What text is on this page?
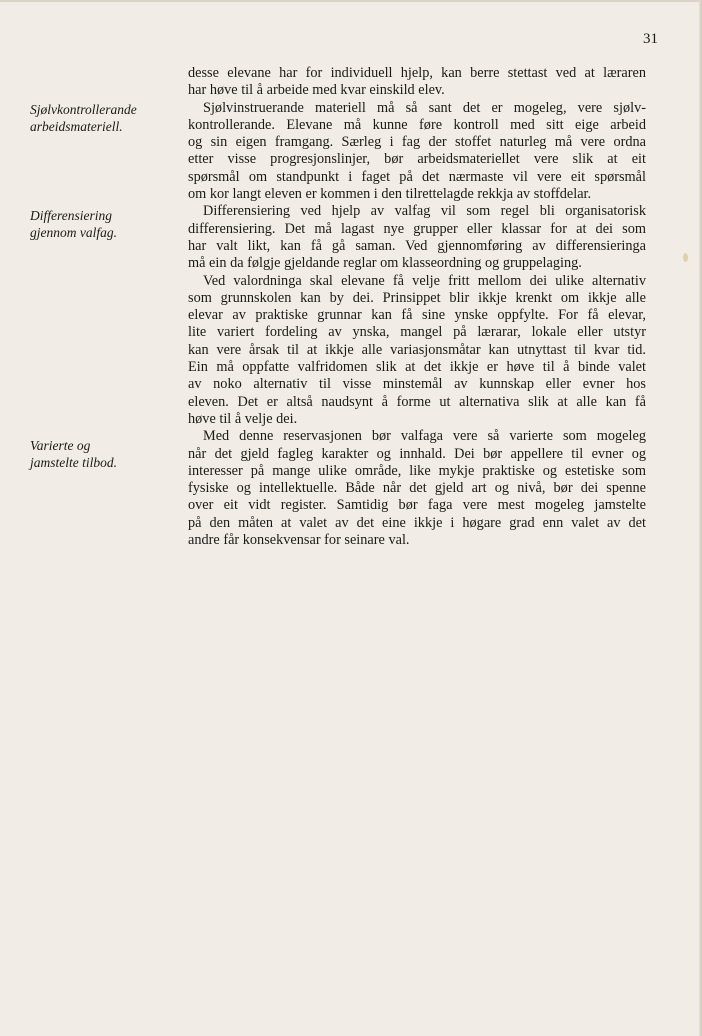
31
Sjølvkontrollerande
arbeidsmateriell.
Differensiering
gjennom valfag.
Varierte og
jamstelte tilbod.
desse elevane har for individuell hjelp, kan berre stettast ved at læraren
har høve til å arbeide med kvar einskild elev.
Sjølvinstruerande materiell må så sant det er mogeleg, vere sjølv-
kontrollerande. Elevane må kunne føre kontroll med sitt eige arbeid
og sin eigen framgang. Særleg i fag der stoffet naturleg må vere ordna
etter visse progresjonslinjer, bør arbeidsmateriellet vere slik at eit
spørsmål om standpunkt i faget på det nærmaste vil vere eit spørsmål
om kor langt eleven er kommen i den tilrettelagde rekkja av stoffdelar.
Differensiering ved hjelp av valfag vil som regel bli organisatorisk
differensiering. Det må lagast nye grupper eller klassar for at dei som
har valt likt, kan få gå saman. Ved gjennomføring av differensieringa
må ein da følgje gjeldande reglar om klasseordning og gruppelaging.
Ved valordninga skal elevane få velje fritt mellom dei ulike alternativ
som grunnskolen kan by dei. Prinsippet blir ikkje krenkt om ikkje alle
elevar av praktiske grunnar kan få sine ynske oppfylte. For få elevar,
lite variert fordeling av ynska, mangel på lærarar, lokale eller utstyr
kan vere årsak til at ikkje alle variasjonsmåtar kan utnyttast til kvar tid.
Ein må oppfatte valfridomen slik at det ikkje er høve til å binde valet
av noko alternativ til visse minstemål av kunnskap eller evner hos
eleven. Det er altså naudsynt å forme ut alternativa slik at alle kan få
høve til å velje dei.
Med denne reservasjonen bør valfaga vere så varierte som mogeleg
når det gjeld fagleg karakter og innhald. Dei bør appellere til evner og
interesser på mange ulike område, like mykje praktiske og estetiske som
fysiske og intellektuelle. Både når det gjeld art og nivå, bør dei spenne
over eit vidt register. Samtidig bør faga vere mest mogeleg jamstelte
på den måten at valet av det eine ikkje i høgare grad enn valet av det
andre får konsekvensar for seinare val.
